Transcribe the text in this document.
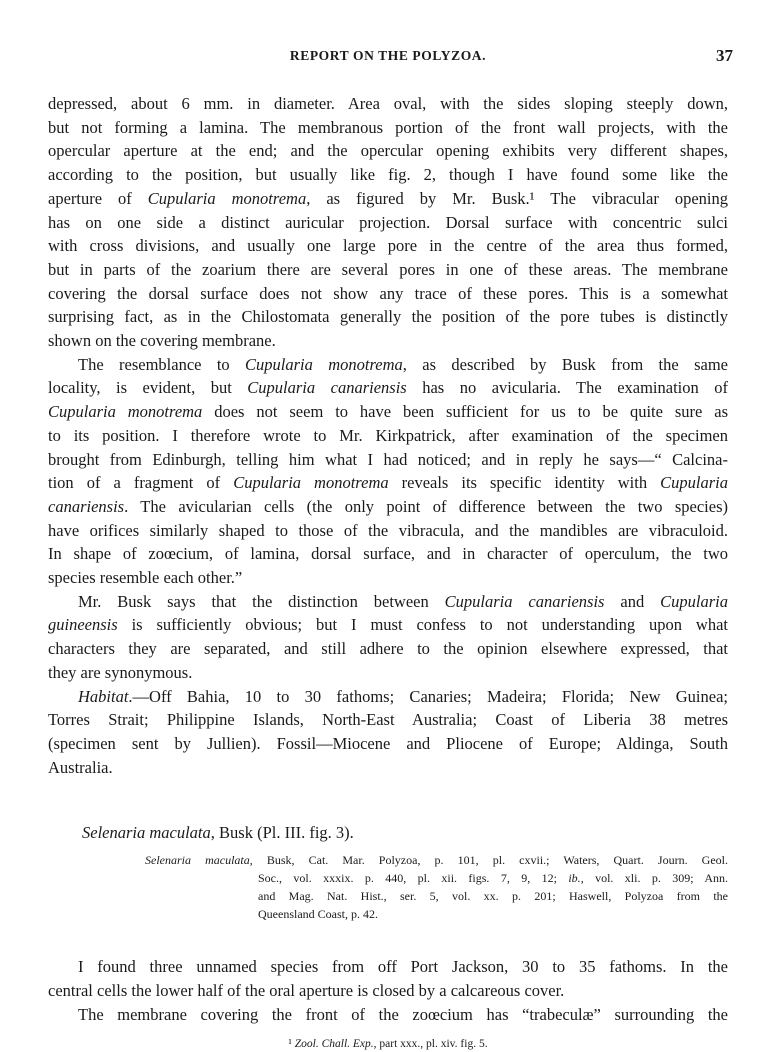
REPORT ON THE POLYZOA.	37
depressed, about 6 mm. in diameter. Area oval, with the sides sloping steeply down,
but not forming a lamina. The membranous portion of the front wall projects, with the
opercular aperture at the end; and the opercular opening exhibits very different shapes,
according to the position, but usually like fig. 2, though I have found some like the
aperture of Cupularia monotrema, as figured by Mr. Busk.¹ The vibracular opening
has on one side a distinct auricular projection. Dorsal surface with concentric sulci
with cross divisions, and usually one large pore in the centre of the area thus formed,
but in parts of the zoarium there are several pores in one of these areas. The membrane
covering the dorsal surface does not show any trace of these pores. This is a somewhat
surprising fact, as in the Chilostomata generally the position of the pore tubes is distinctly
shown on the covering membrane.
The resemblance to Cupularia monotrema, as described by Busk from the same
locality, is evident, but Cupularia canariensis has no avicularia. The examination of
Cupularia monotrema does not seem to have been sufficient for us to be quite sure as
to its position. I therefore wrote to Mr. Kirkpatrick, after examination of the specimen
brought from Edinburgh, telling him what I had noticed; and in reply he says—“ Calcina-
tion of a fragment of Cupularia monotrema reveals its specific identity with Cupularia
canariensis. The avicularian cells (the only point of difference between the two species)
have orifices similarly shaped to those of the vibracula, and the mandibles are vibraculoid.
In shape of zoœcium, of lamina, dorsal surface, and in character of operculum, the two
species resemble each other.”
Mr. Busk says that the distinction between Cupularia canariensis and Cupularia
guineensis is sufficiently obvious; but I must confess to not understanding upon what
characters they are separated, and still adhere to the opinion elsewhere expressed, that
they are synonymous.
Habitat.—Off Bahia, 10 to 30 fathoms; Canaries; Madeira; Florida; New Guinea;
Torres Strait; Philippine Islands, North-East Australia; Coast of Liberia 38 metres
(specimen sent by Jullien). Fossil—Miocene and Pliocene of Europe; Aldinga, South
Australia.
Selenaria maculata, Busk (Pl. III. fig. 3).
Selenaria maculata, Busk, Cat. Mar. Polyzoa, p. 101, pl. cxvii.; Waters, Quart. Journ. Geol.
Soc., vol. xxxix. p. 440, pl. xii. figs. 7, 9, 12; ib., vol. xli. p. 309; Ann.
and Mag. Nat. Hist., ser. 5, vol. xx. p. 201; Haswell, Polyzoa from the
Queensland Coast, p. 42.
I found three unnamed species from off Port Jackson, 30 to 35 fathoms. In the
central cells the lower half of the oral aperture is closed by a calcareous cover.
The membrane covering the front of the zoœcium has “trabeculæ” surrounding the
¹ Zool. Chall. Exp., part xxx., pl. xiv. fig. 5.
